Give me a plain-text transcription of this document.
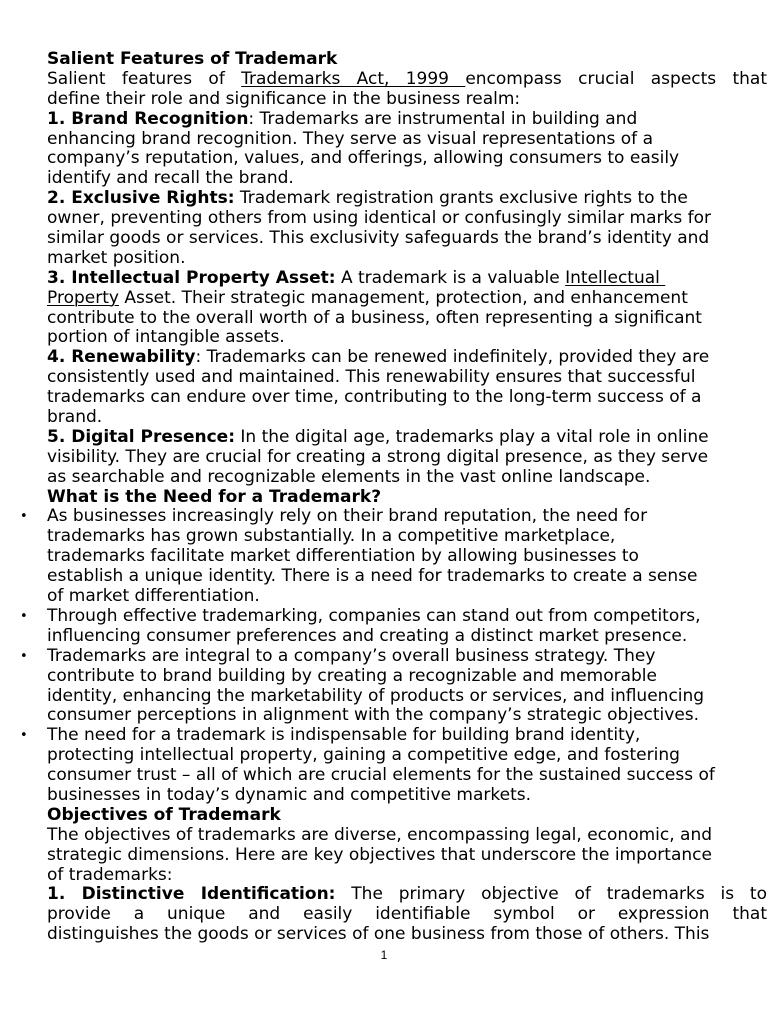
Salient Features of Trademark
Salient features of Trademarks Act, 1999 encompass crucial aspects that
define their role and significance in the business realm:
1. Brand Recognition: Trademarks are instrumental in building and
enhancing brand recognition. They serve as visual representations of a
company’s reputation, values, and offerings, allowing consumers to easily
identify and recall the brand.
2. Exclusive Rights: Trademark registration grants exclusive rights to the
owner, preventing others from using identical or confusingly similar marks for
similar goods or services. This exclusivity safeguards the brand’s identity and
market position.
3. Intellectual Property Asset: A trademark is a valuable Intellectual
Property Asset. Their strategic management, protection, and enhancement
contribute to the overall worth of a business, often representing a significant
portion of intangible assets.
4. Renewability: Trademarks can be renewed indefinitely, provided they are
consistently used and maintained. This renewability ensures that successful
trademarks can endure over time, contributing to the long-term success of a
brand.
5. Digital Presence: In the digital age, trademarks play a vital role in online
visibility. They are crucial for creating a strong digital presence, as they serve
as searchable and recognizable elements in the vast online landscape.
What is the Need for a Trademark?
• As businesses increasingly rely on their brand reputation, the need for
trademarks has grown substantially. In a competitive marketplace,
trademarks facilitate market differentiation by allowing businesses to
establish a unique identity. There is a need for trademarks to create a sense
of market differentiation.
• Through effective trademarking, companies can stand out from competitors,
influencing consumer preferences and creating a distinct market presence.
• Trademarks are integral to a company’s overall business strategy. They
contribute to brand building by creating a recognizable and memorable
identity, enhancing the marketability of products or services, and influencing
consumer perceptions in alignment with the company’s strategic objectives.
• The need for a trademark is indispensable for building brand identity,
protecting intellectual property, gaining a competitive edge, and fostering
consumer trust – all of which are crucial elements for the sustained success of
businesses in today’s dynamic and competitive markets.
Objectives of Trademark
The objectives of trademarks are diverse, encompassing legal, economic, and
strategic dimensions. Here are key objectives that underscore the importance
of trademarks:
1. Distinctive Identification: The primary objective of trademarks is to
provide a unique and easily identifiable symbol or expression that
distinguishes the goods or services of one business from those of others. This
1
